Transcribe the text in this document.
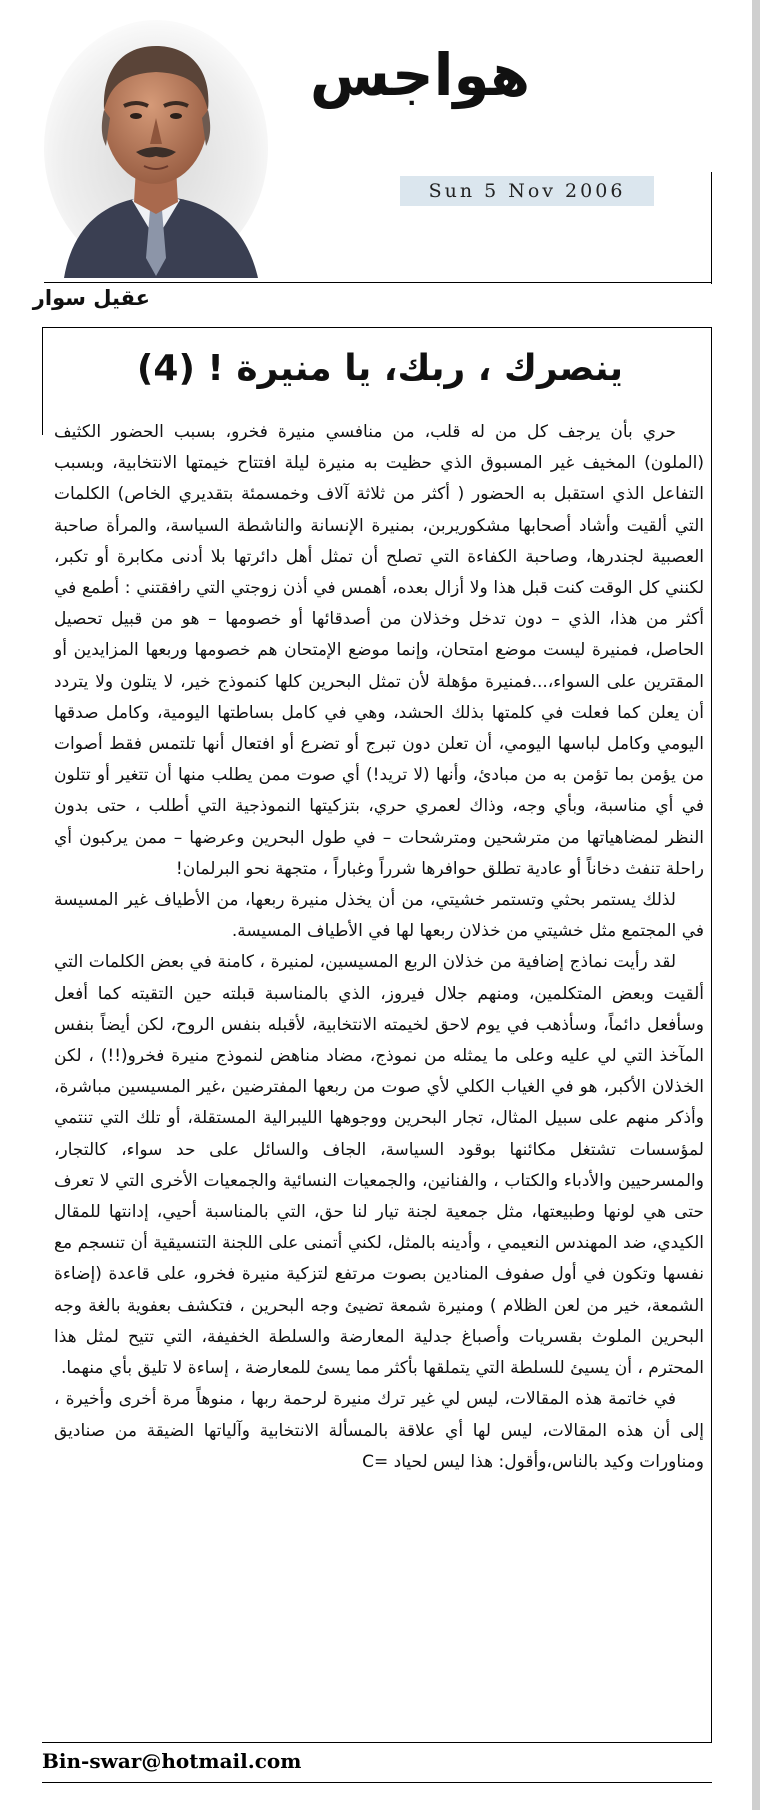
هواجس
Sun 5 Nov 2006
عقيل سوار
ينصرك ، ربك، يا منيرة ! (4)

حري بأن يرجف كل من له قلب، من منافسي منيرة فخرو، بسبب الحضور الكثيف (الملون) المخيف غير المسبوق الذي حظيت به منيرة ليلة افتتاح خيمتها الانتخابية، وبسبب التفاعل الذي استقبل به الحضور ( أكثر من ثلاثة آلاف وخمسمئة بتقديري الخاص) الكلمات التي ألقيت وأشاد أصحابها مشكوريربن، بمنيرة الإنسانة والناشطة السياسة، والمرأة صاحبة العصبية لجندرها، وصاحبة الكفاءة التي تصلح أن تمثل أهل دائرتها بلا أدنى مكابرة أو تكبر، لكنني كل الوقت كنت قبل هذا ولا أزال بعده، أهمس في أذن زوجتي التي رافقتني : أطمع في أكثر من هذا، الذي – دون تدخل وخذلان من أصدقائها أو خصومها – هو من قبيل تحصيل الحاصل، فمنيرة ليست موضع امتحان، وإنما موضع الإمتحان هم خصومها وربعها المزايدين أو المقترين على السواء،...فمنيرة مؤهلة لأن تمثل البحرين كلها كنموذج خير، لا يتلون ولا يتردد أن يعلن كما فعلت في كلمتها بذلك الحشد، وهي في كامل بساطتها اليومية، وكامل صدقها اليومي وكامل لباسها اليومي، أن تعلن دون تبرج أو تضرع أو افتعال أنها تلتمس فقط أصوات من يؤمن بما تؤمن به من مبادئ، وأنها (لا تريد!) أي صوت ممن يطلب منها أن تتغير أو تتلون في أي مناسبة، وبأي وجه، وذاك لعمري حري، بتزكيتها النموذجية التي أطلب ، حتى بدون النظر لمضاهياتها من مترشحين ومترشحات – في طول البحرين وعرضها – ممن يركبون أي راحلة تنفث دخاناً أو عادية تطلق حوافرها شرراً وغباراً ، متجهة نحو البرلمان!

لذلك يستمر بحثي وتستمر خشيتي، من أن يخذل منيرة ربعها، من الأطياف غير المسيسة في المجتمع مثل خشيتي من خذلان ربعها لها في الأطياف المسيسة.

لقد رأيت نماذج إضافية من خذلان الربع المسيسين، لمنيرة ، كامنة في بعض الكلمات التي ألقيت وبعض المتكلمين، ومنهم جلال فيروز، الذي بالمناسبة قبلته حين التقيته كما أفعل وسأفعل دائماً، وسأذهب في يوم لاحق لخيمته الانتخابية، لأقبله بنفس الروح، لكن أيضاً بنفس المآخذ التي لي عليه وعلى ما يمثله من نموذج، مضاد مناهض لنموذج منيرة فخرو(!!) ، لكن الخذلان الأكبر، هو في الغياب الكلي لأي صوت من ربعها المفترضين ،غير المسيسين مباشرة، وأذكر منهم على سبيل المثال، تجار البحرين ووجوهها الليبرالية المستقلة، أو تلك التي تنتمي لمؤسسات تشتغل مكائنها بوقود السياسة، الجاف والسائل على حد سواء، كالتجار، والمسرحيين والأدباء والكتاب ، والفنانين، والجمعيات النسائية والجمعيات الأخرى التي لا تعرف حتى هي لونها وطبيعتها، مثل جمعية لجنة تيار لنا حق، التي بالمناسبة أحيي، إدانتها للمقال الكيدي، ضد المهندس النعيمي ، وأدينه بالمثل، لكني أتمنى على اللجنة التنسيقية أن تنسجم مع نفسها وتكون في أول صفوف المنادين بصوت مرتفع لتزكية منيرة فخرو، على قاعدة (إضاءة الشمعة، خير من لعن الظلام ) ومنيرة شمعة تضيئ وجه البحرين ، فتكشف بعفوية بالغة وجه البحرين الملوث بقسريات وأصباغ جدلية المعارضة والسلطة الخفيفة، التي تتيح لمثل هذا المحترم ، أن يسيئ للسلطة التي يتملقها بأكثر مما يسئ للمعارضة ، إساءة لا تليق بأي منهما.

في خاتمة هذه المقالات، ليس لي غير ترك منيرة لرحمة ربها ، منوهاً مرة أخرى وأخيرة ، إلى أن هذه المقالات، ليس لها أي علاقة بالمسألة الانتخابية وآلياتها الضيقة من صناديق ومناورات وكيد بالناس،وأقول: هذا ليس لحياد =C

Bin-swar@hotmail.com
